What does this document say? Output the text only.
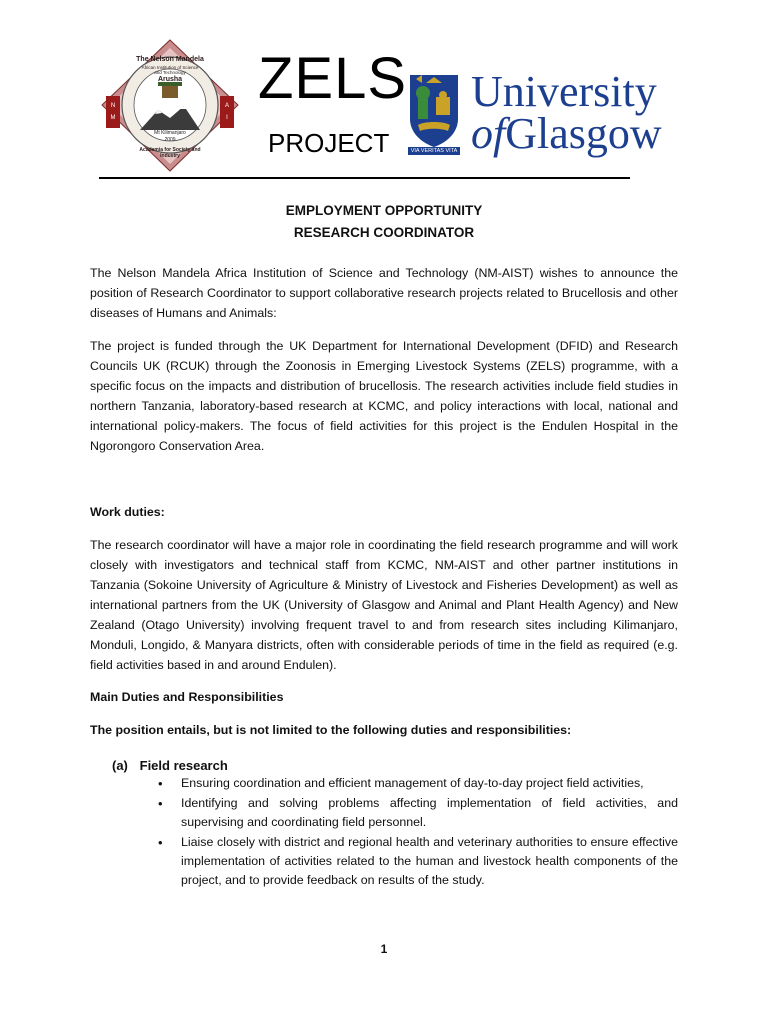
The Nelson Mandela
African Institution of Science and Technology
Arusha
Mt Kilimanjaro
2009
Academia for Society and Industry
N M
A I
ZELS
PROJECT	VIA VERITAS VITA
University
ofGlasgow
EMPLOYMENT OPPORTUNITY
RESEARCH COORDINATOR
The Nelson Mandela Africa Institution of Science and Technology (NM-AIST) wishes to announce the position of Research Coordinator to support collaborative research projects related to Brucellosis and other diseases of Humans and Animals:
The project is funded through the UK Department for International Development (DFID) and Research Councils UK (RCUK) through the Zoonosis in Emerging Livestock Systems (ZELS) programme, with a specific focus on the impacts and distribution of brucellosis. The research activities include field studies in northern Tanzania, laboratory-based research at KCMC, and policy interactions with local, national and international policy-makers. The focus of field activities for this project is the Endulen Hospital in the Ngorongoro Conservation Area.
Work duties:
The research coordinator will have a major role in coordinating the field research programme and will work closely with investigators and technical staff from KCMC, NM-AIST and other partner institutions in Tanzania (Sokoine University of Agriculture & Ministry of Livestock and Fisheries Development) as well as international partners from the UK (University of Glasgow and Animal and Plant Health Agency) and New Zealand (Otago University) involving frequent travel to and from research sites including Kilimanjaro, Monduli, Longido, & Manyara districts, often with considerable periods of time in the field as required (e.g. field activities based in and around Endulen).
Main Duties and Responsibilities
The position entails, but is not limited to the following duties and responsibilities:
(a) Field research
• Ensuring coordination and efficient management of day-to-day project field activities,
• Identifying and solving problems affecting implementation of field activities, and supervising and coordinating field personnel.
• Liaise closely with district and regional health and veterinary authorities to ensure effective implementation of activities related to the human and livestock health components of the project, and to provide feedback on results of the study.
1
